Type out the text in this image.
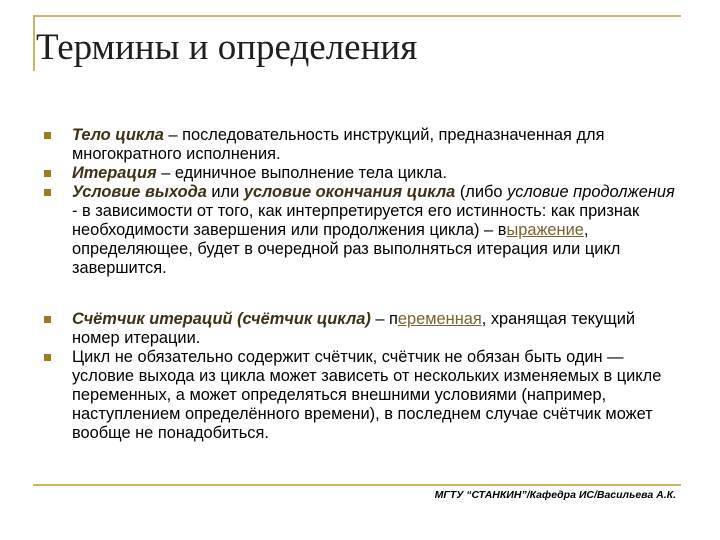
Термины и определения
Тело цикла – последовательность инструкций, предназначенная для многократного исполнения.
Итерация – единичное выполнение тела цикла.
Условие выхода или условие окончания цикла (либо условие продолжения - в зависимости от того, как интерпретируется его истинность: как признак необходимости завершения или продолжения цикла) – выражение, определяющее, будет в очередной раз выполняться итерация или цикл завершится.
Счётчик итераций (счётчик цикла) – переменная, хранящая текущий номер итерации.
Цикл не обязательно содержит счётчик, счётчик не обязан быть один — условие выхода из цикла может зависеть от нескольких изменяемых в цикле переменных, а может определяться внешними условиями (например, наступлением определённого времени), в последнем случае счётчик может вообще не понадобиться.

МГТУ “СТАНКИН”/Кафедра ИС/Васильева А.К.
